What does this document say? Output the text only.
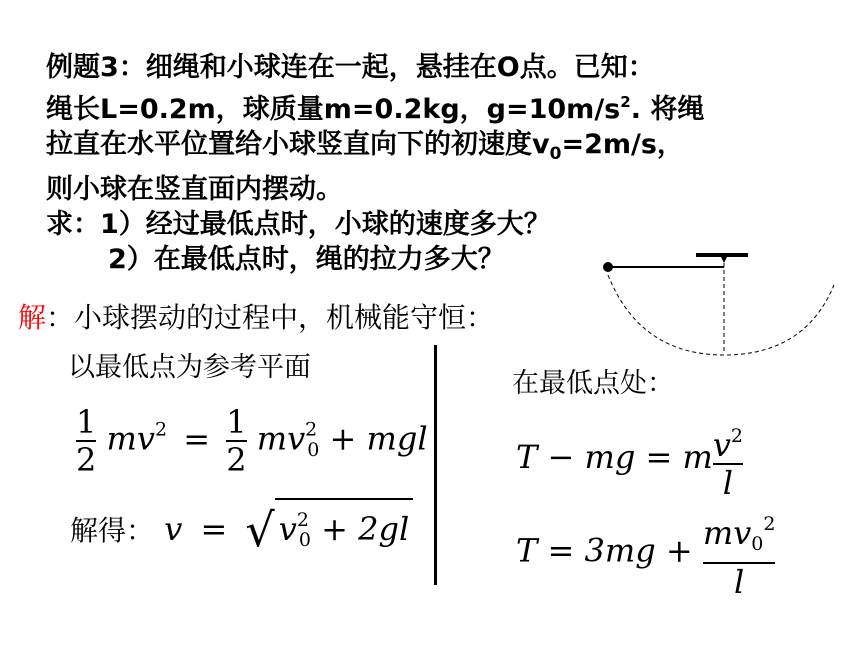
例题3：细绳和小球连在一起，悬挂在O点。已知：
绳长L=0.2m，球质量m=0.2kg，$g=10m/s^2$. 将绳
拉直在水平位置给小球竖直向下的初速度$v_0=2m/s$，
则小球在竖直面内摆动。
求：1）经过最低点时，小球的速度多大？
2）在最低点时，绳的拉力多大？
解：小球摆动的过程中，机械能守恒：
以最低点为参考平面
在最低点处：
$\frac{1}{2} mv^2 = \frac{1}{2} mv^20$ + mgl
解得： v = √ $v^20 + 2gl$
T − mg = m $\frac{v^2}{l}$
$T = 3mg + \frac{mv0^2}{l}$
